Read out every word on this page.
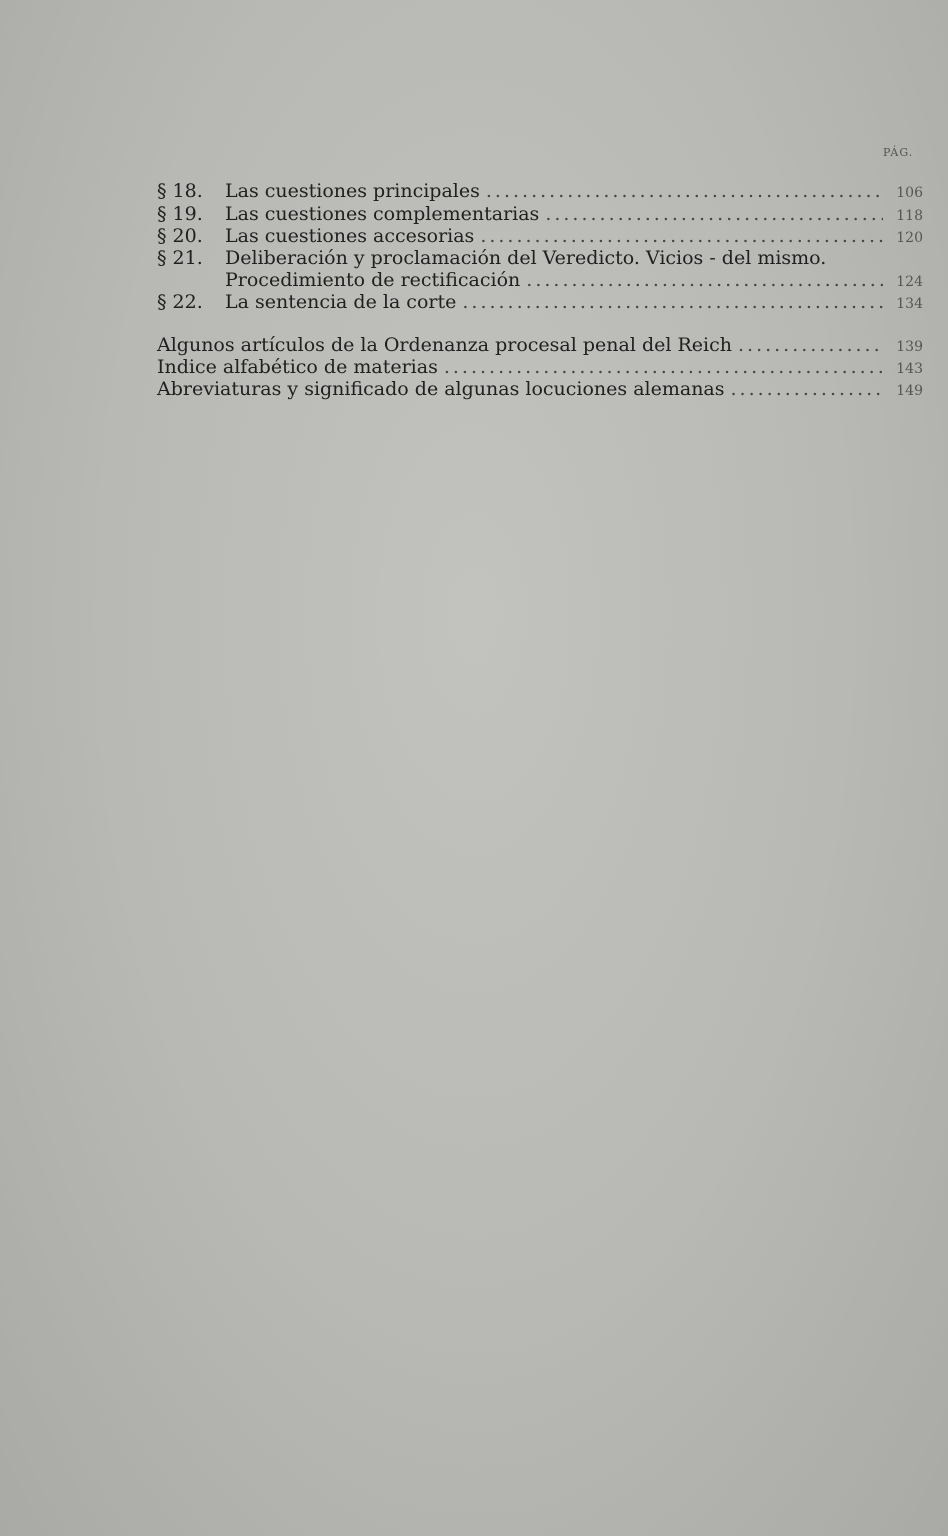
PÁG.
§ 18.	Las cuestiones principales .....	106
§ 19.	Las cuestiones complementarias .....	118
§ 20.	Las cuestiones accesorias .....	120
§ 21.	Deliberación y proclamación del Veredicto. Vicios - del mismo.
Procedimiento de rectificación .....	124
§ 22.	La sentencia de la corte .....	134
Algunos artículos de la Ordenanza procesal penal del Reich .....	139
Indice alfabético de materias .....	143
Abreviaturas y significado de algunas locuciones alemanas .....	149
